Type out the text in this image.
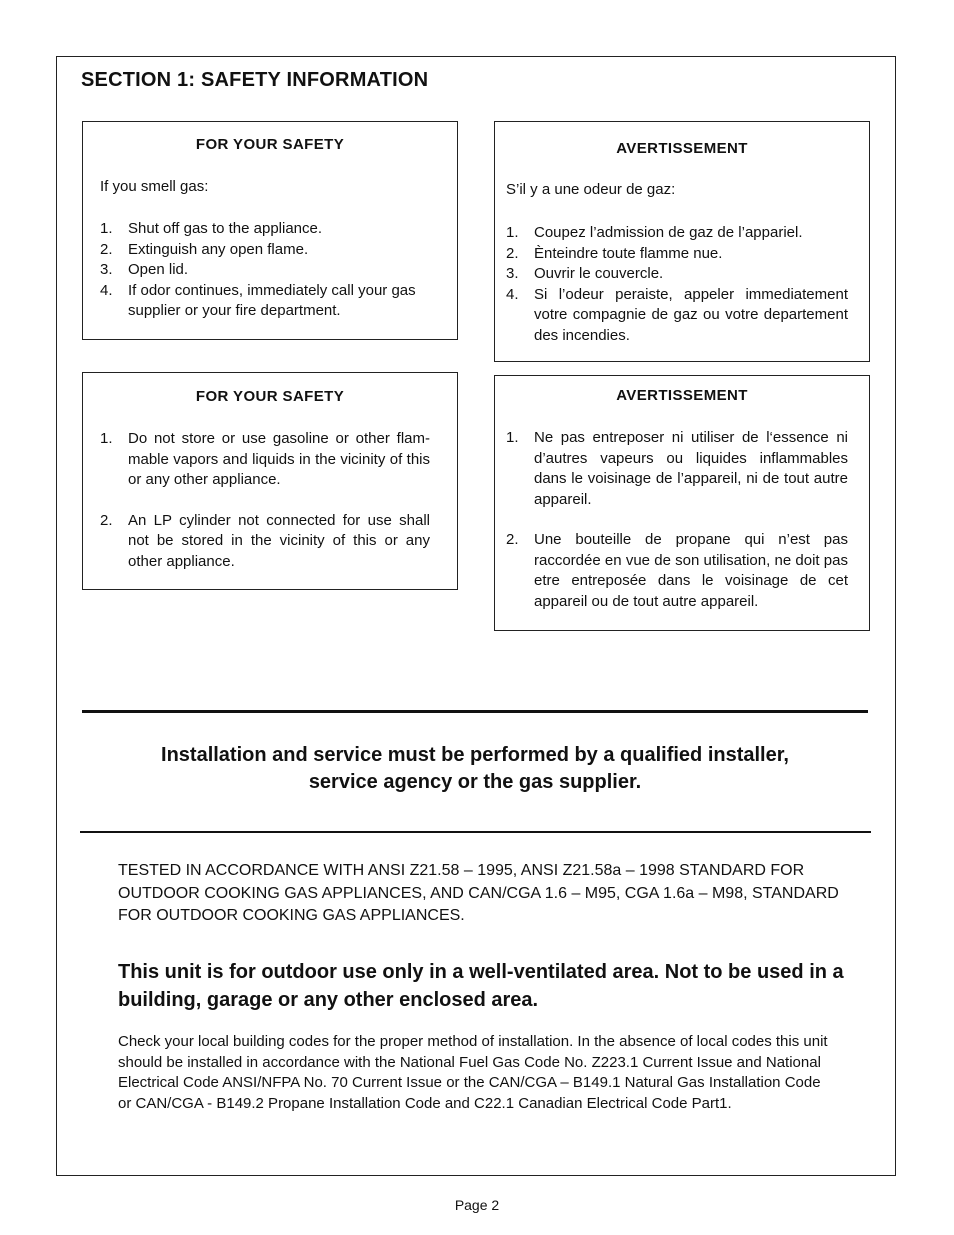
SECTION 1: SAFETY INFORMATION
FOR YOUR SAFETY
If you smell gas:
1.	Shut off gas to the appliance.
2.	Extinguish any open flame.
3.	Open lid.
4.	If odor continues, immediately call your gas supplier or your fire department.
AVERTISSEMENT
S’il y a une odeur de gaz:
1.	Coupez l’admission de gaz de l’appariel.
2.	Ènteindre toute flamme nue.
3.	Ouvrir le couvercle.
4.	Si l’odeur peraiste, appeler immediatement votre compagnie de gaz ou votre departement des incendies.
FOR YOUR SAFETY
1.	Do not store or use gasoline or other flam- mable vapors and liquids in the vicinity of this or any other appliance.
2.	An LP cylinder not connected for use shall not be stored in the vicinity of this or any other appliance.
AVERTISSEMENT
1.	Ne pas entreposer ni utiliser de l‘essence ni d’autres vapeurs ou liquides inflammables dans le voisinage de l’appareil, ni de tout autre appareil.
2.	Une bouteille de propane qui n’est pas raccordée en vue de son utilisation, ne doit pas etre entreposée dans le voisinage de cet appareil ou de tout autre appareil.
Installation and service must be performed by a qualified installer,
service agency or the gas supplier.
TESTED IN ACCORDANCE WITH ANSI Z21.58 – 1995, ANSI Z21.58a – 1998 STANDARD FOR OUTDOOR COOKING GAS APPLIANCES, AND CAN/CGA 1.6 – M95, CGA 1.6a – M98, STANDARD FOR OUTDOOR COOKING GAS APPLIANCES.
This unit is for outdoor use only in a well-ventilated area. Not to be used in a building, garage or any other enclosed area.
Check your local building codes for the proper method of installation. In the absence of local codes this unit should be installed in accordance with the National Fuel Gas Code No. Z223.1 Current Issue and National Electrical Code ANSI/NFPA No. 70 Current Issue or the CAN/CGA – B149.1 Natural Gas Installation Code or CAN/CGA - B149.2 Propane Installation Code and C22.1 Canadian Electrical Code Part1.
Page 2
